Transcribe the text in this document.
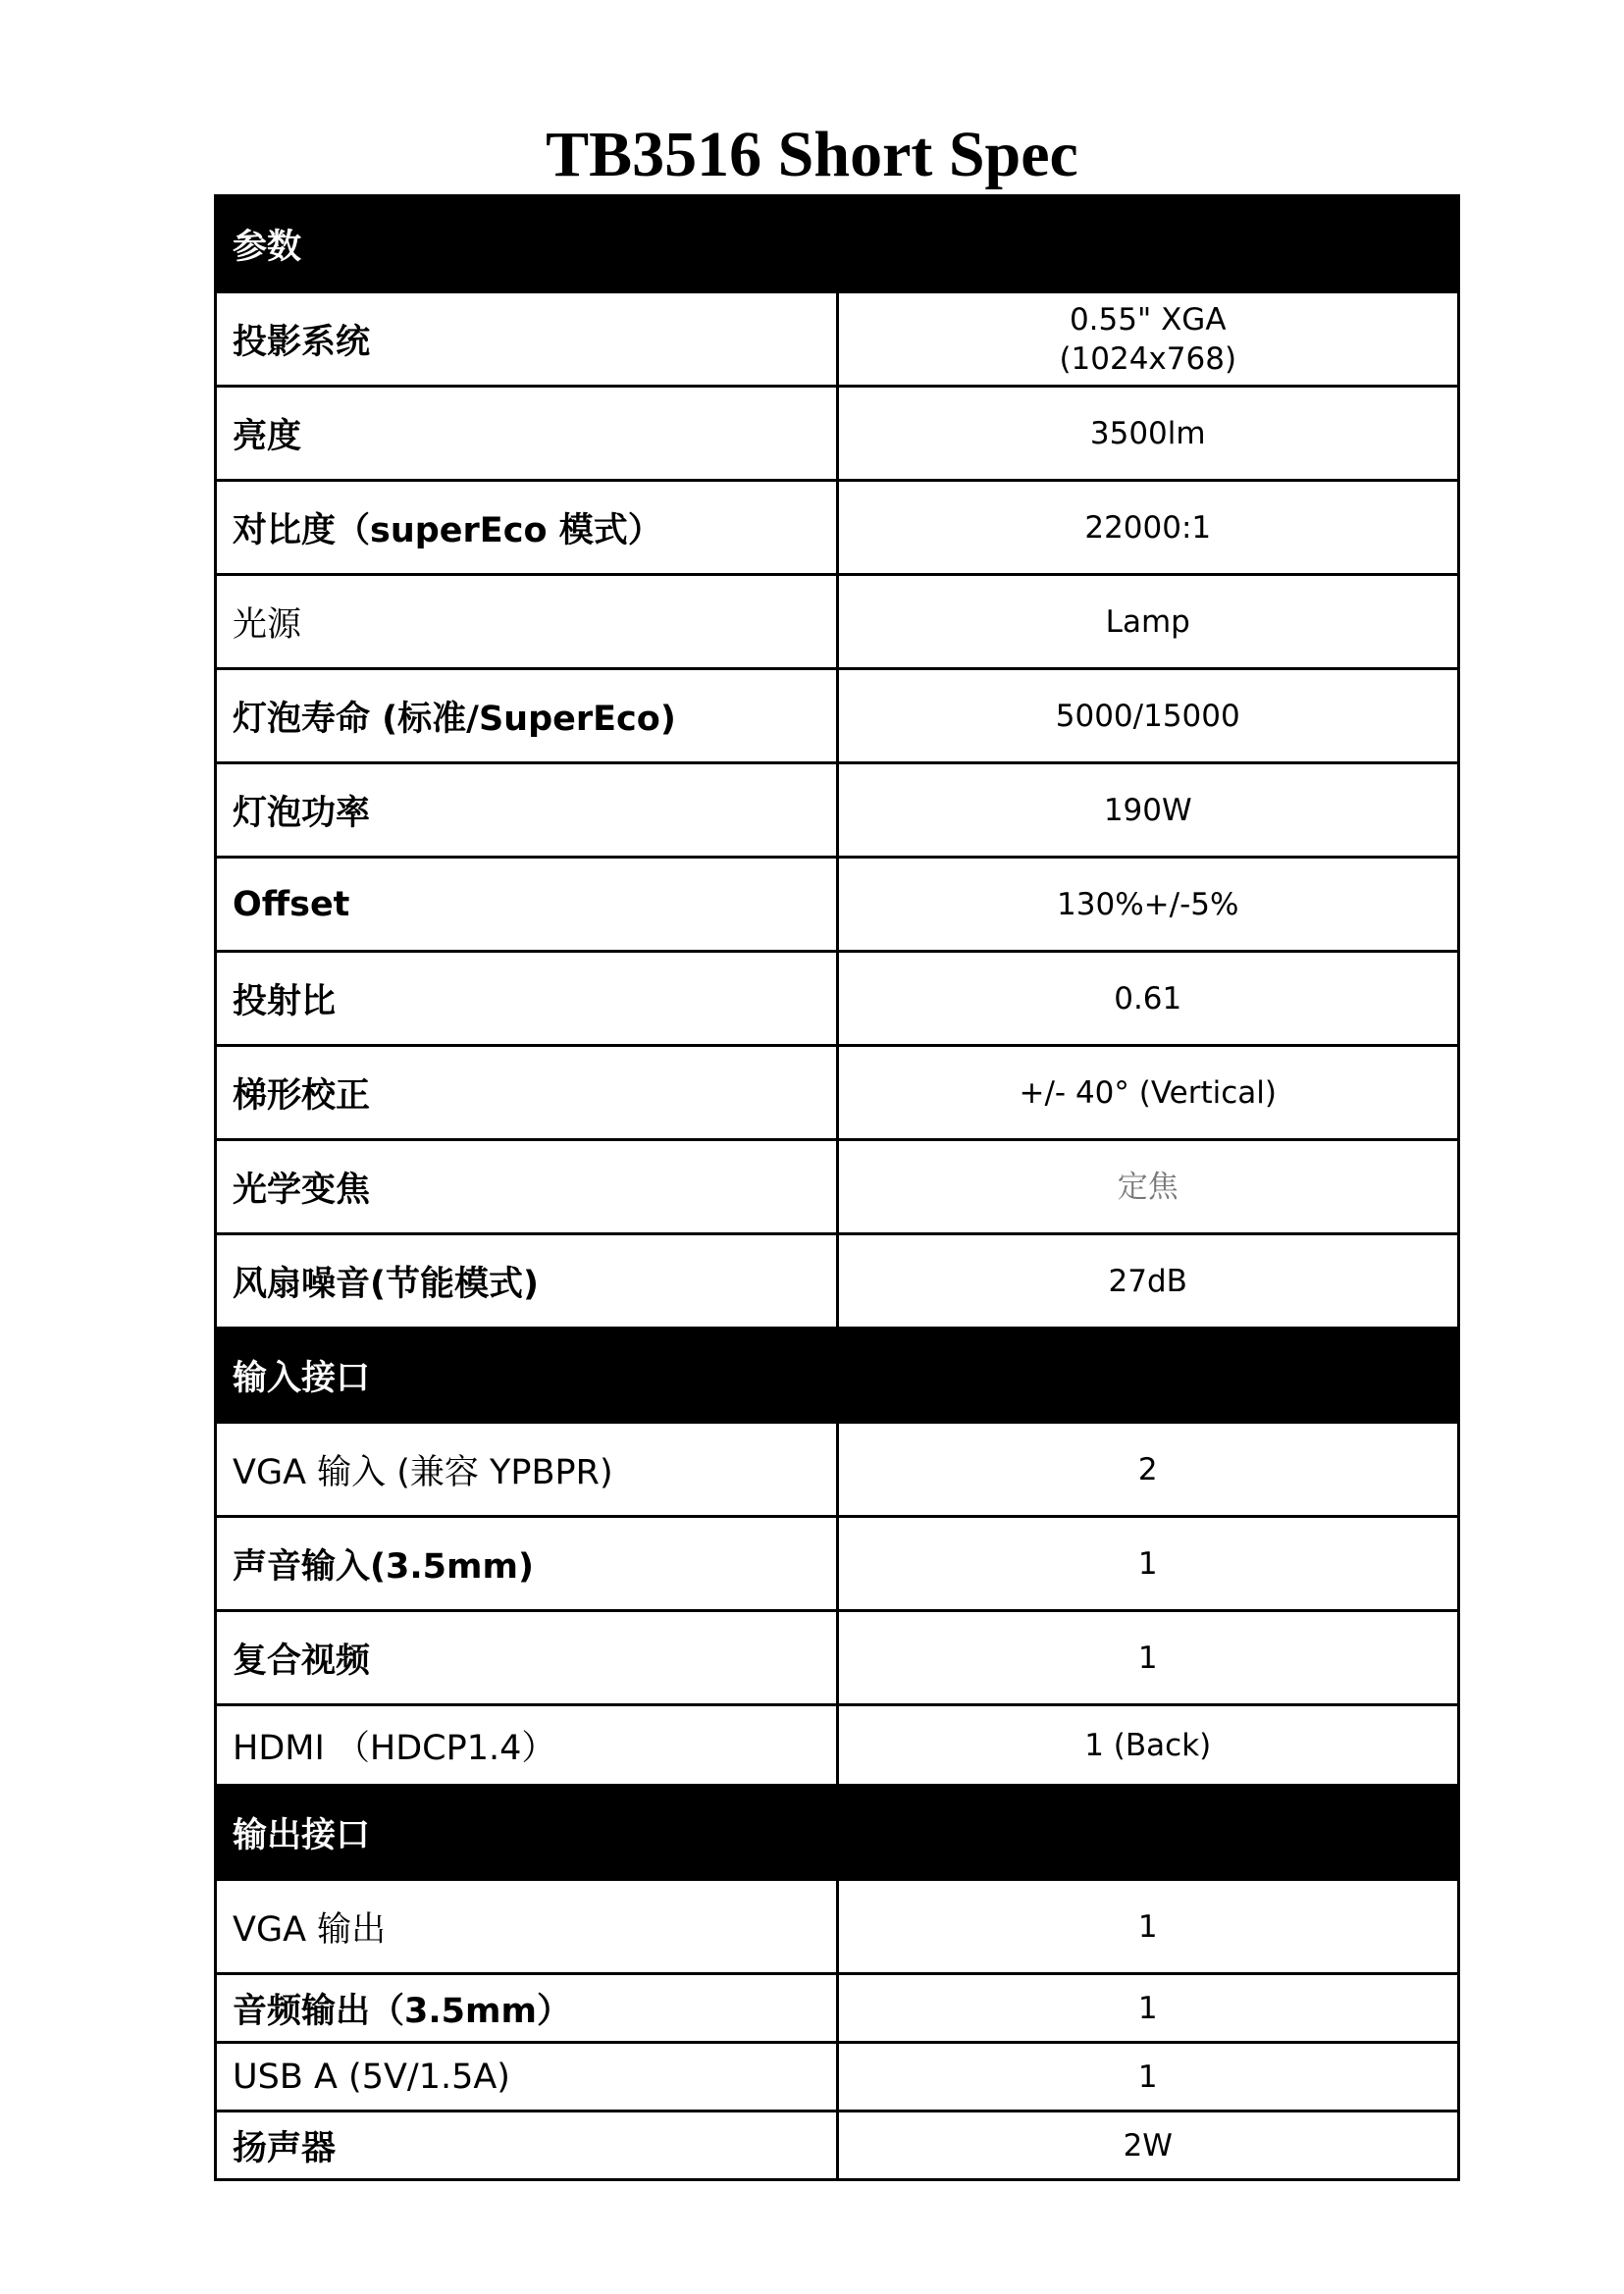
TB3516 Short Spec
参数	
投影系统	0.55" XGA
(1024x768)
亮度	3500lm
对比度（superEco 模式）	22000:1
光源	Lamp
灯泡寿命 (标准/SuperEco)	5000/15000
灯泡功率	190W
Offset	130%+/-5%
投射比	0.61
梯形校正	+/- 40° (Vertical)
光学变焦	定焦
风扇噪音(节能模式)	27dB
输入接口	
VGA 输入 (兼容 YPBPR)	2
声音输入(3.5mm)	1
复合视频	1
HDMI （HDCP1.4）	1 (Back)
输出接口	
VGA 输出	1
音频输出（3.5mm）	1
USB A (5V/1.5A)	1
扬声器	2W
